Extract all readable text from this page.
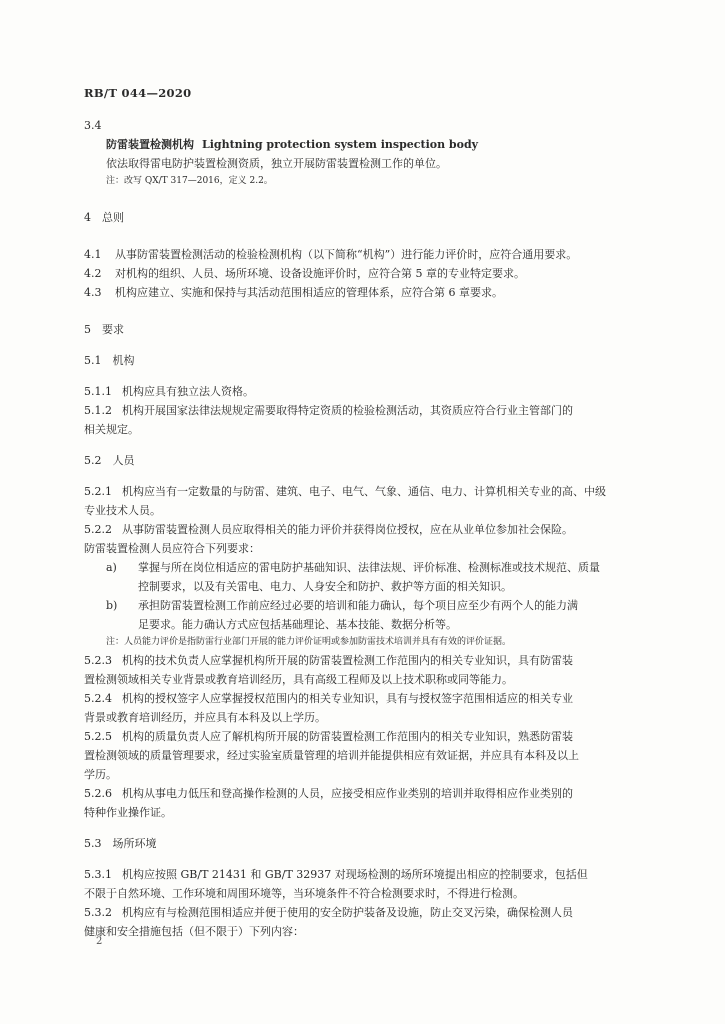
RB/T 044—2020

3.4

防雷装置检测机构 Lightning protection system inspection body

依法取得雷电防护装置检测资质，独立开展防雷装置检测工作的单位。

注：改写 QX/T 317—2016，定义 2.2。

4　总则

4.1　 从事防雷装置检测活动的检验检测机构（以下简称“机构”）进行能力评价时，应符合通用要求。

4.2　 对机构的组织、人员、场所环境、设备设施评价时，应符合第 5 章的专业特定要求。

4.3　 机构应建立、实施和保持与其活动范围相适应的管理体系，应符合第 6 章要求。

5　要求

5.1　机构

5.1.1 机构应具有独立法人资格。

5.1.2 机构开展国家法律法规规定需要取得特定资质的检验检测活动，其资质应符合行业主管部门的

相关规定。

5.2　人员

5.2.1 机构应当有一定数量的与防雷、建筑、电子、电气、气象、通信、电力、计算机相关专业的高、中级

专业技术人员。

5.2.2 从事防雷装置检测人员应取得相关的能力评价并获得岗位授权，应在从业单位参加社会保险。

防雷装置检测人员应符合下列要求：

a)	掌握与所在岗位相适应的雷电防护基础知识、法律法规、评价标准、检测标准或技术规范、质量
控制要求，以及有关雷电、电力、人身安全和防护、救护等方面的相关知识。
b)	承担防雷装置检测工作前应经过必要的培训和能力确认，每个项目应至少有两个人的能力满
足要求。能力确认方式应包括基础理论、基本技能、数据分析等。

注：人员能力评价是指防雷行业部门开展的能力评价证明或参加防雷技术培训并具有有效的评价证据。

5.2.3 机构的技术负责人应掌握机构所开展的防雷装置检测工作范围内的相关专业知识，具有防雷装

置检测领域相关专业背景或教育培训经历，具有高级工程师及以上技术职称或同等能力。

5.2.4 机构的授权签字人应掌握授权范围内的相关专业知识，具有与授权签字范围相适应的相关专业

背景或教育培训经历，并应具有本科及以上学历。

5.2.5 机构的质量负责人应了解机构所开展的防雷装置检测工作范围内的相关专业知识，熟悉防雷装

置检测领域的质量管理要求，经过实验室质量管理的培训并能提供相应有效证据，并应具有本科及以上

学历。

5.2.6 机构从事电力低压和登高操作检测的人员，应接受相应作业类别的培训并取得相应作业类别的

特种作业操作证。

5.3　场所环境

5.3.1 机构应按照 GB/T 21431 和 GB/T 32937 对现场检测的场所环境提出相应的控制要求，包括但

不限于自然环境、工作环境和周围环境等，当环境条件不符合检测要求时，不得进行检测。

5.3.2 机构应有与检测范围相适应并便于使用的安全防护装备及设施，防止交叉污染，确保检测人员

健康和安全措施包括（但不限于）下列内容：

2
